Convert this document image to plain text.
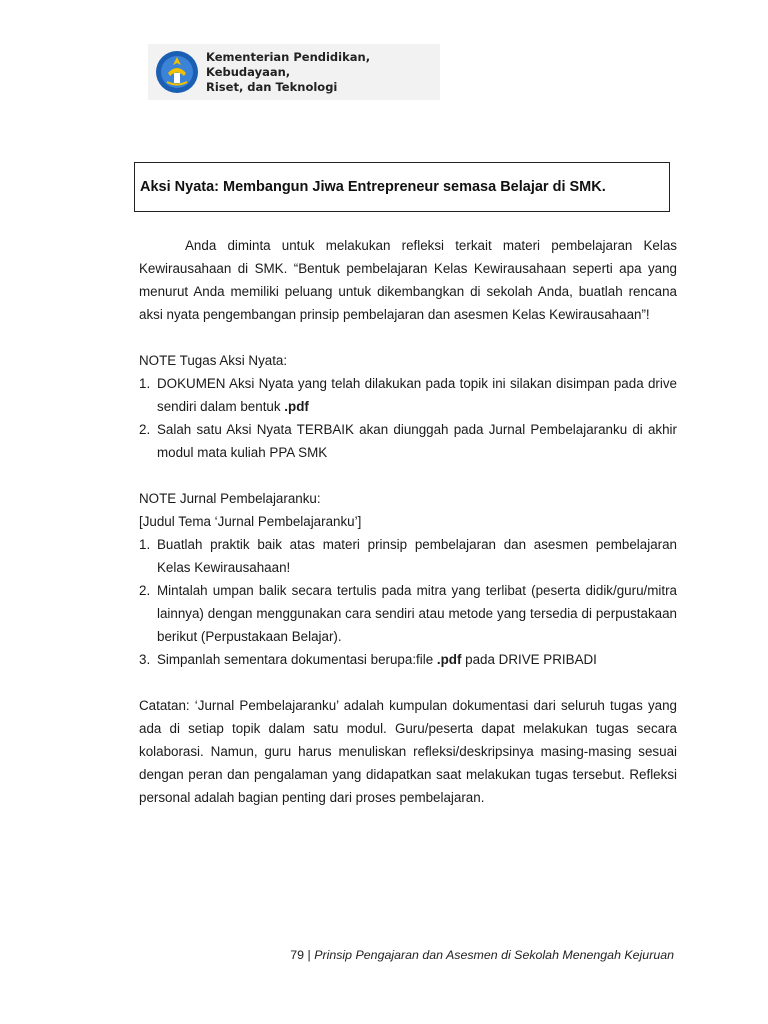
Kementerian Pendidikan, Kebudayaan,
Riset, dan Teknologi
Aksi Nyata: Membangun Jiwa Entrepreneur semasa Belajar di SMK.

Anda diminta untuk melakukan refleksi terkait materi pembelajaran Kelas Kewirausahaan di SMK. “Bentuk pembelajaran Kelas Kewirausahaan seperti apa yang menurut Anda memiliki peluang untuk dikembangkan di sekolah Anda, buatlah rencana aksi nyata pengembangan prinsip pembelajaran dan asesmen Kelas Kewirausahaan”!

NOTE Tugas Aksi Nyata:

1. DOKUMEN Aksi Nyata yang telah dilakukan pada topik ini silakan disimpan pada drive sendiri dalam bentuk .pdf
2. Salah satu Aksi Nyata TERBAIK akan diunggah pada Jurnal Pembelajaranku di akhir modul mata kuliah PPA SMK

NOTE Jurnal Pembelajaranku:

[Judul Tema ‘Jurnal Pembelajaranku’]

1. Buatlah praktik baik atas materi prinsip pembelajaran dan asesmen pembelajaran Kelas Kewirausahaan!
2. Mintalah umpan balik secara tertulis pada mitra yang terlibat (peserta didik/guru/mitra lainnya) dengan menggunakan cara sendiri atau metode yang tersedia di perpustakaan berikut (Perpustakaan Belajar).
3. Simpanlah sementara dokumentasi berupa:file .pdf pada DRIVE PRIBADI

Catatan: ‘Jurnal Pembelajaranku’ adalah kumpulan dokumentasi dari seluruh tugas yang ada di setiap topik dalam satu modul. Guru/peserta dapat melakukan tugas secara kolaborasi. Namun, guru harus menuliskan refleksi/deskripsinya masing-masing sesuai dengan peran dan pengalaman yang didapatkan saat melakukan tugas tersebut. Refleksi personal adalah bagian penting dari proses pembelajaran.

79 | Prinsip Pengajaran dan Asesmen di Sekolah Menengah Kejuruan
